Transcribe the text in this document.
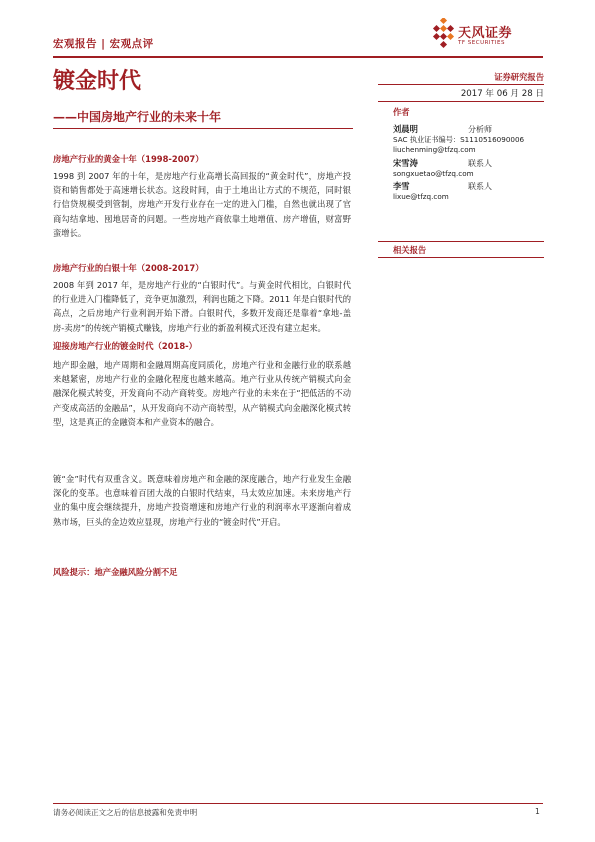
宏观报告 | 宏观点评
天风证券
TF SECURITIES
镀金时代
——中国房地产行业的未来十年
房地产行业的黄金十年（1998-2007）
1998 到 2007 年的十年，是房地产行业高增长高回报的“黄金时代”，房地产投资和销售都处于高速增长状态。这段时间，由于土地出让方式的不规范，同时银行信贷规模受到管制，房地产开发行业存在一定的进入门槛，自然也就出现了官商勾结拿地、囤地居奇的问题。一些房地产商依靠土地增值、房产增值，财富野蛮增长。
房地产行业的白银十年（2008-2017）
2008 年到 2017 年，是房地产行业的“白银时代”。与黄金时代相比，白银时代的行业进入门槛降低了，竞争更加激烈，利润也随之下降。2011 年是白银时代的高点，之后房地产行业利润开始下滑。白银时代，多数开发商还是靠着“拿地-盖房-卖房”的传统产销模式赚钱，房地产行业的新盈利模式还没有建立起来。
迎接房地产行业的镀金时代（2018-）
地产即金融，地产周期和金融周期高度同质化，房地产行业和金融行业的联系越来越紧密，房地产行业的金融化程度也越来越高。地产行业从传统产销模式向金融深化模式转变，开发商向不动产商转变。房地产行业的未来在于“把低活的不动产变成高活的金融品”，从开发商向不动产商转型，从产销模式向金融深化模式转型，这是真正的金融资本和产业资本的融合。
镀“金”时代有双重含义。既意味着房地产和金融的深度融合，地产行业发生金融深化的变革。也意味着百团大战的白银时代结束，马太效应加速。未来房地产行业的集中度会继续提升，房地产投资增速和房地产行业的利润率水平逐渐向着成熟市场，巨头的金边效应显现，房地产行业的“镀金时代”开启。
风险提示：地产金融风险分割不足
证券研究报告
2017 年 06 月 28 日
作者
刘晨明	分析师
SAC 执业证书编号：S1110516090006
liuchenming@tfzq.com
宋雪涛	联系人
songxuetao@tfzq.com
李雪	联系人
lixue@tfzq.com
相关报告
请务必阅读正文之后的信息披露和免责申明	1
